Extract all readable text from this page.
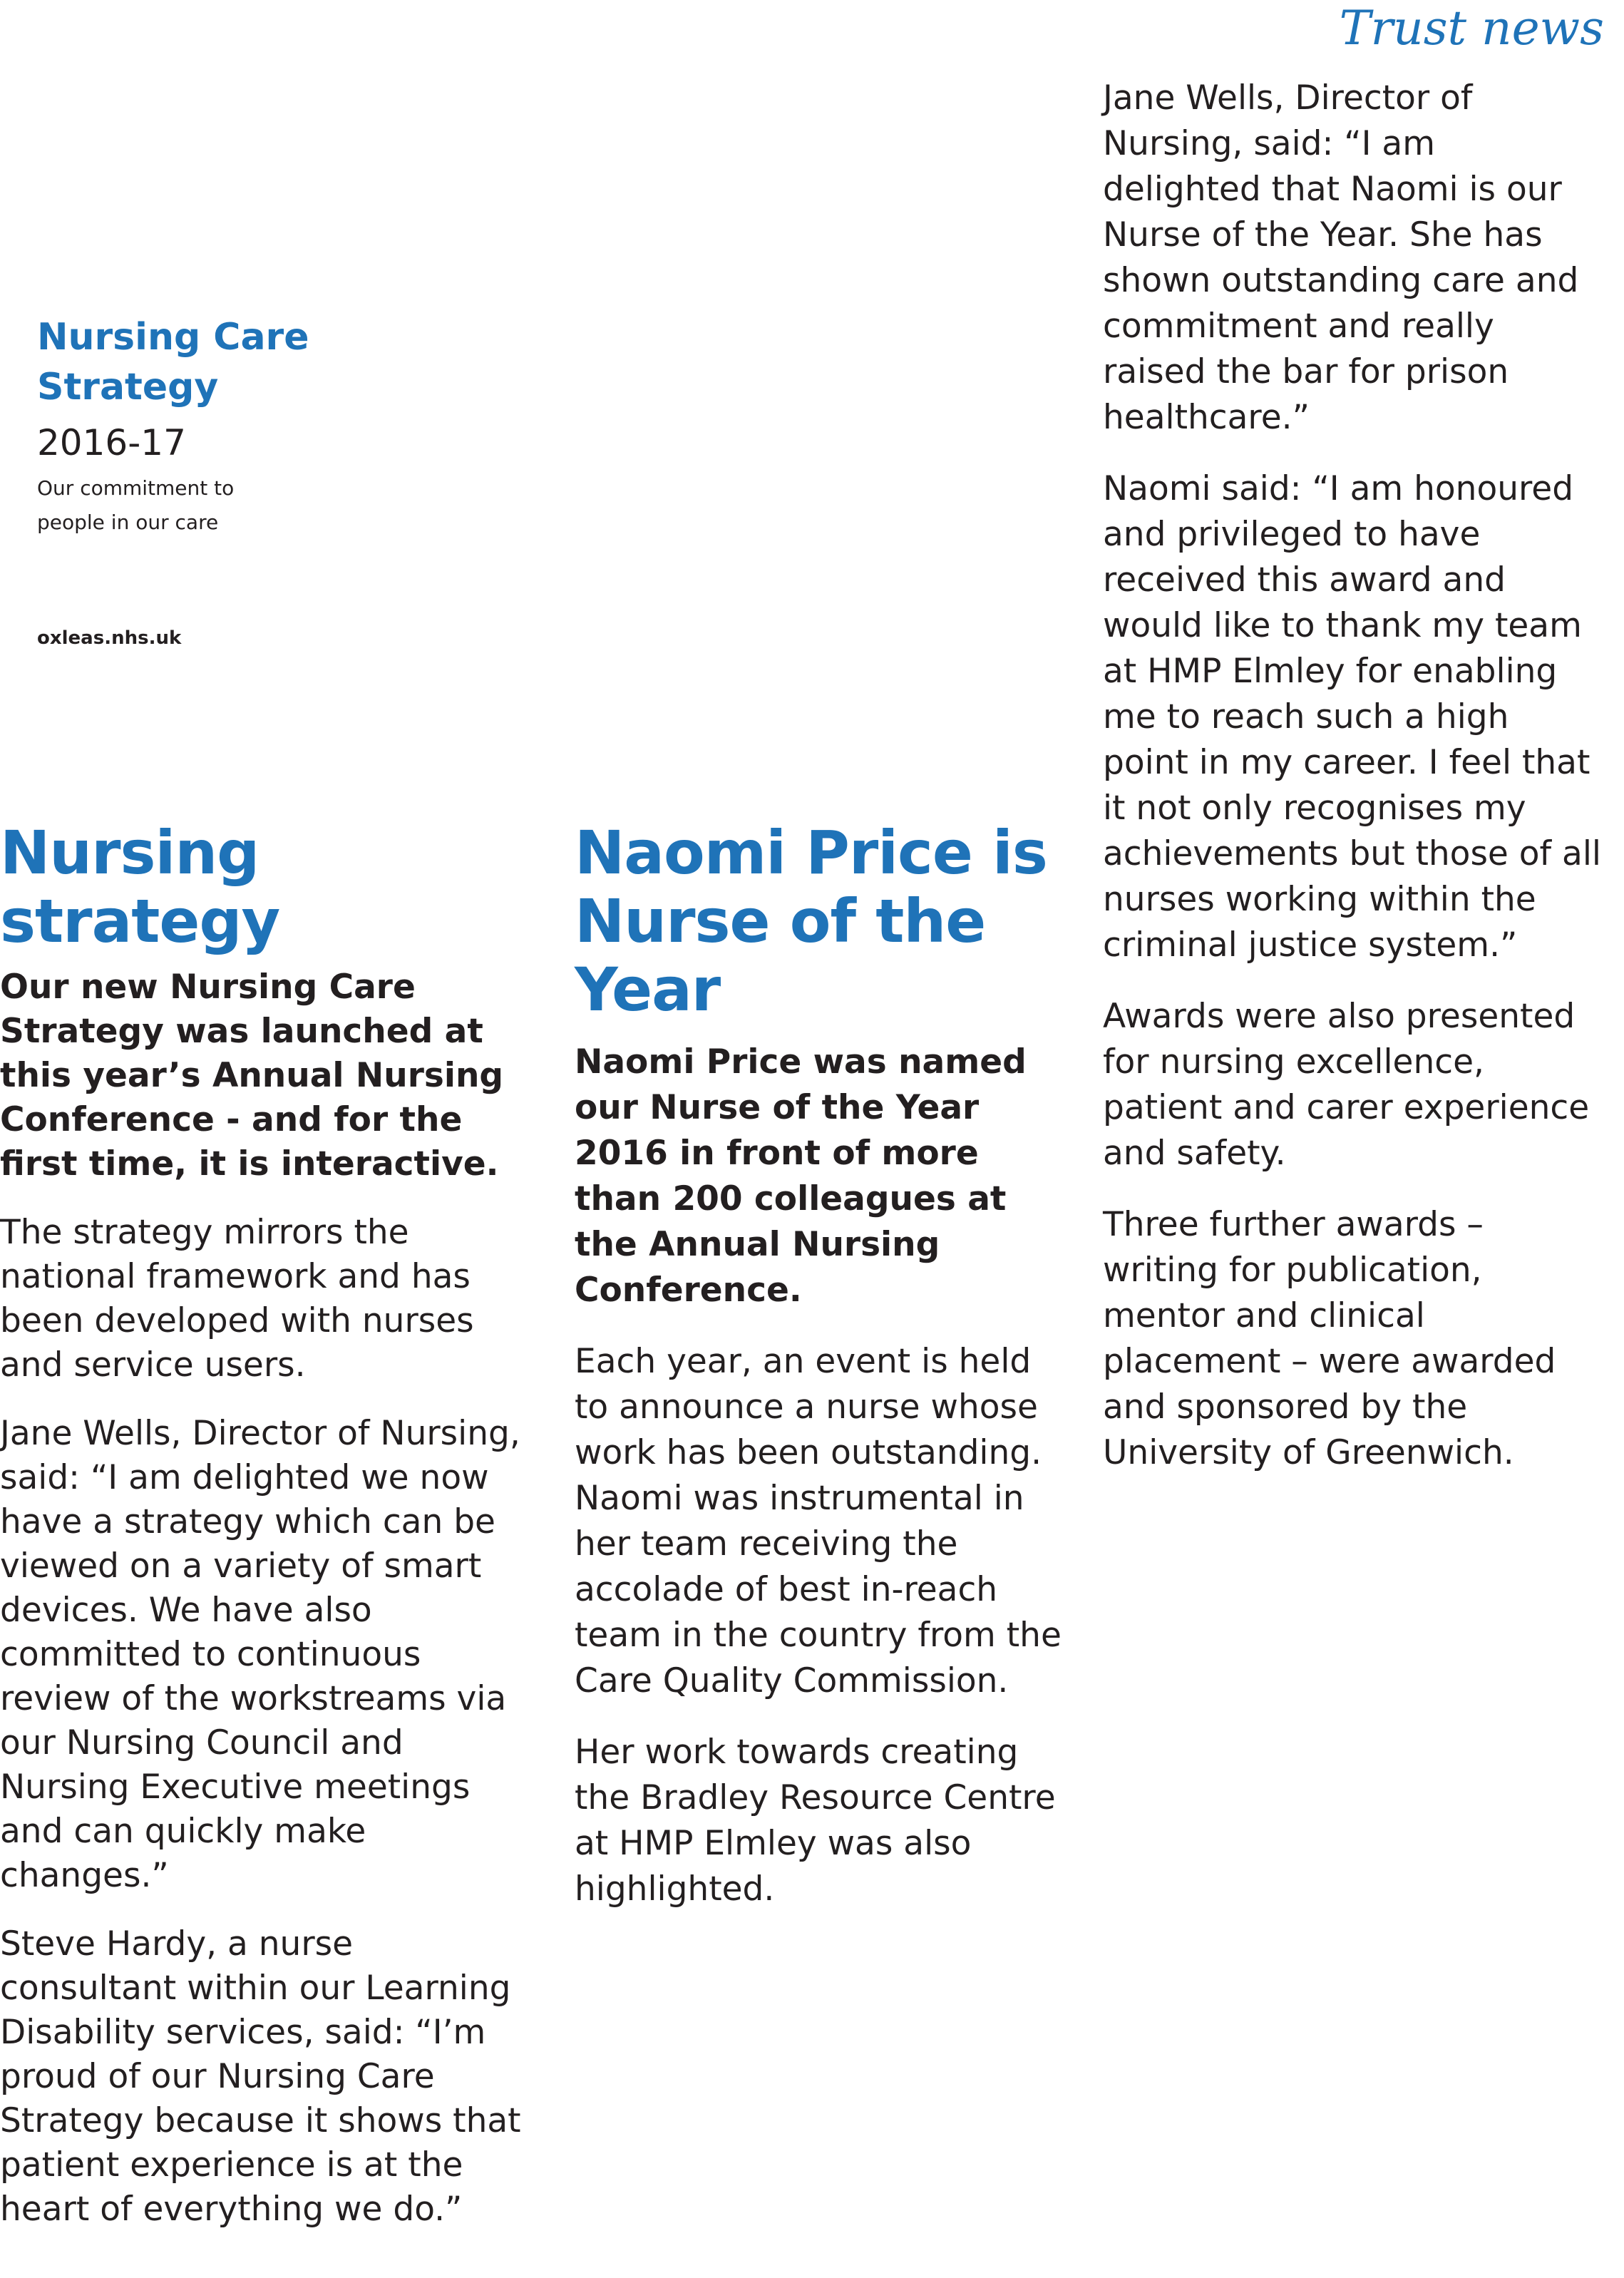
Trust news
Nursing Care
Strategy
2016-17
Our commitment to
people in our care
oxleas.nhs.uk
Nursing strategy

Our new Nursing Care Strategy was launched at this year’s Annual Nursing Conference - and for the first time, it is interactive.

The strategy mirrors the national framework and has been developed with nurses and service users.

Jane Wells, Director of Nursing, said: “I am delighted we now have a strategy which can be viewed on a variety of smart devices. We have also committed to continuous review of the workstreams via our Nursing Council and Nursing Executive meetings and can quickly make changes.”

Steve Hardy, a nurse consultant within our Learning Disability services, said: “I’m proud of our Nursing Care Strategy because it shows that patient experience is at the heart of everything we do.”

Naomi Price is
Nurse of the Year

Naomi Price was named our Nurse of the Year 2016 in front of more than 200 colleagues at the Annual Nursing Conference.

Each year, an event is held to announce a nurse whose work has been outstanding. Naomi was instrumental in her team receiving the accolade of best in-reach team in the country from the Care Quality Commission.

Her work towards creating the Bradley Resource Centre at HMP Elmley was also highlighted.

Jane Wells, Director of Nursing, said: “I am delighted that Naomi is our Nurse of the Year. She has shown outstanding care and commitment and really raised the bar for prison healthcare.”

Naomi said: “I am honoured and privileged to have received this award and would like to thank my team at HMP Elmley for enabling me to reach such a high point in my career. I feel that it not only recognises my achievements but those of all nurses working within the criminal justice system.”

Awards were also presented for nursing excellence, patient and carer experience and safety.

Three further awards – writing for publication, mentor and clinical placement – were awarded and sponsored by the University of Greenwich.
